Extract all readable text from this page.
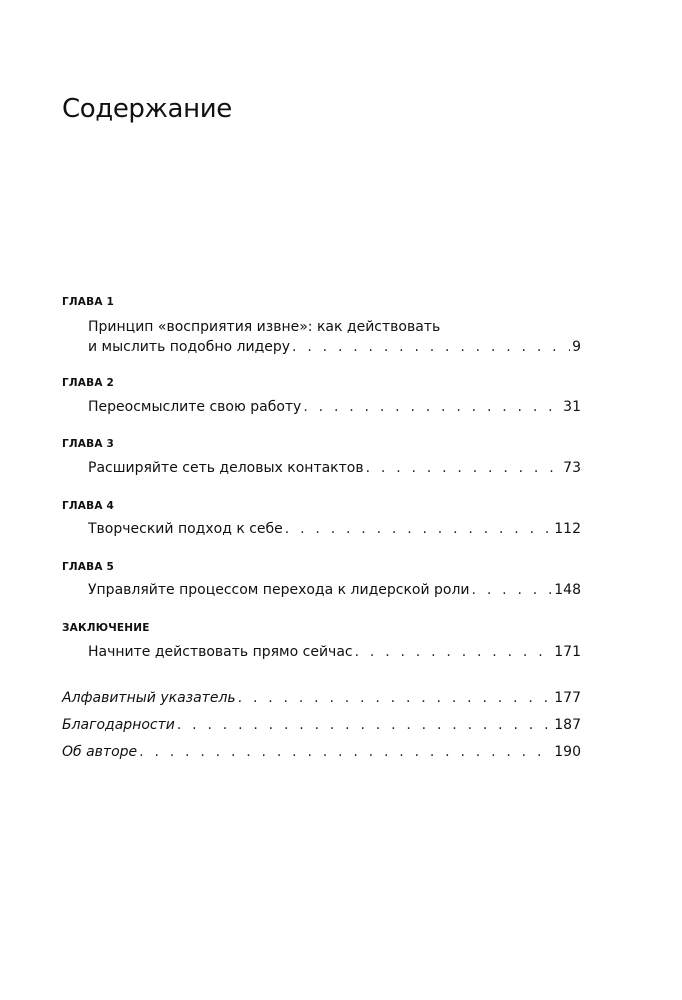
Содержание
ГЛАВА 1
Принцип «восприятия извне»: как действовать
и мыслить подобно лидеру . . .	9
ГЛАВА 2
Переосмыслите свою работу . . .	31
ГЛАВА 3
Расширяйте сеть деловых контактов . . .	73
ГЛАВА 4
Творческий подход к себе . . .	112
ГЛАВА 5
Управляйте процессом перехода к лидерской роли . . .	148
ЗАКЛЮЧЕНИЕ
Начните действовать прямо сейчас . . .	171
Алфавитный указатель . . .	177
Благодарности . . .	187
Об авторе . . .	190
